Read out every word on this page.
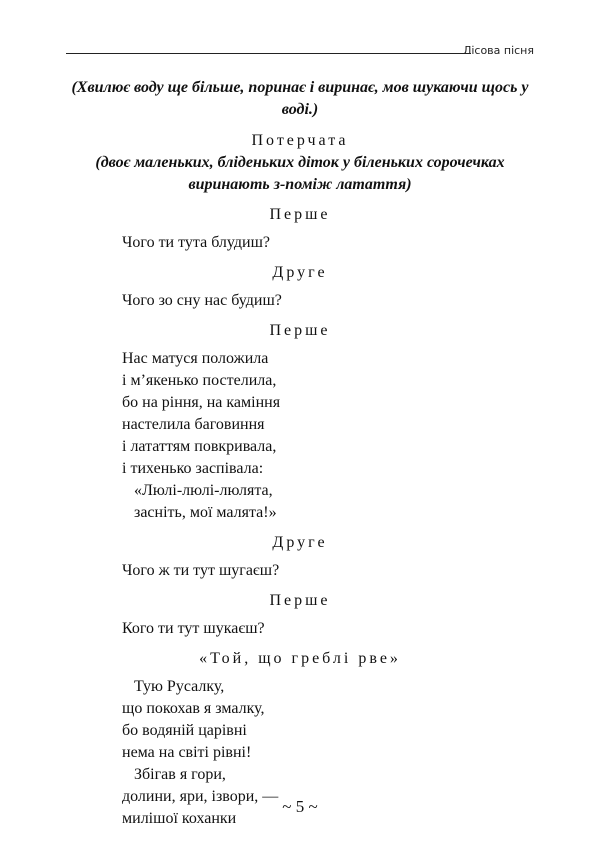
Лісова пісня

(Хвилює воду ще більше, поринає і виринає, мов шукаючи щось у воді.)

Потерчата

(двоє маленьких, бліденьких діток у біленьких сорочечках виринають з-поміж латаття)

Перше
Чого ти тута блудиш?
Друге
Чого зо сну нас будиш?
Перше
Нас матуся положила
і м’якенько постелила,
бо на ріння, на каміння
настелила баговиння
і лататтям повкривала,
і тихенько заспівала:
«Люлі-люлі-люлята,
засніть, мої малята!»
Друге
Чого ж ти тут шугаєш?
Перше
Кого ти тут шукаєш?
«Той, що греблі рве»
Тую Русалку,
що покохав я змалку,
бо водяній царівні
нема на світі рівні!
Збігав я гори,
долини, яри, ізвори, —
милішої коханки
~ 5 ~
